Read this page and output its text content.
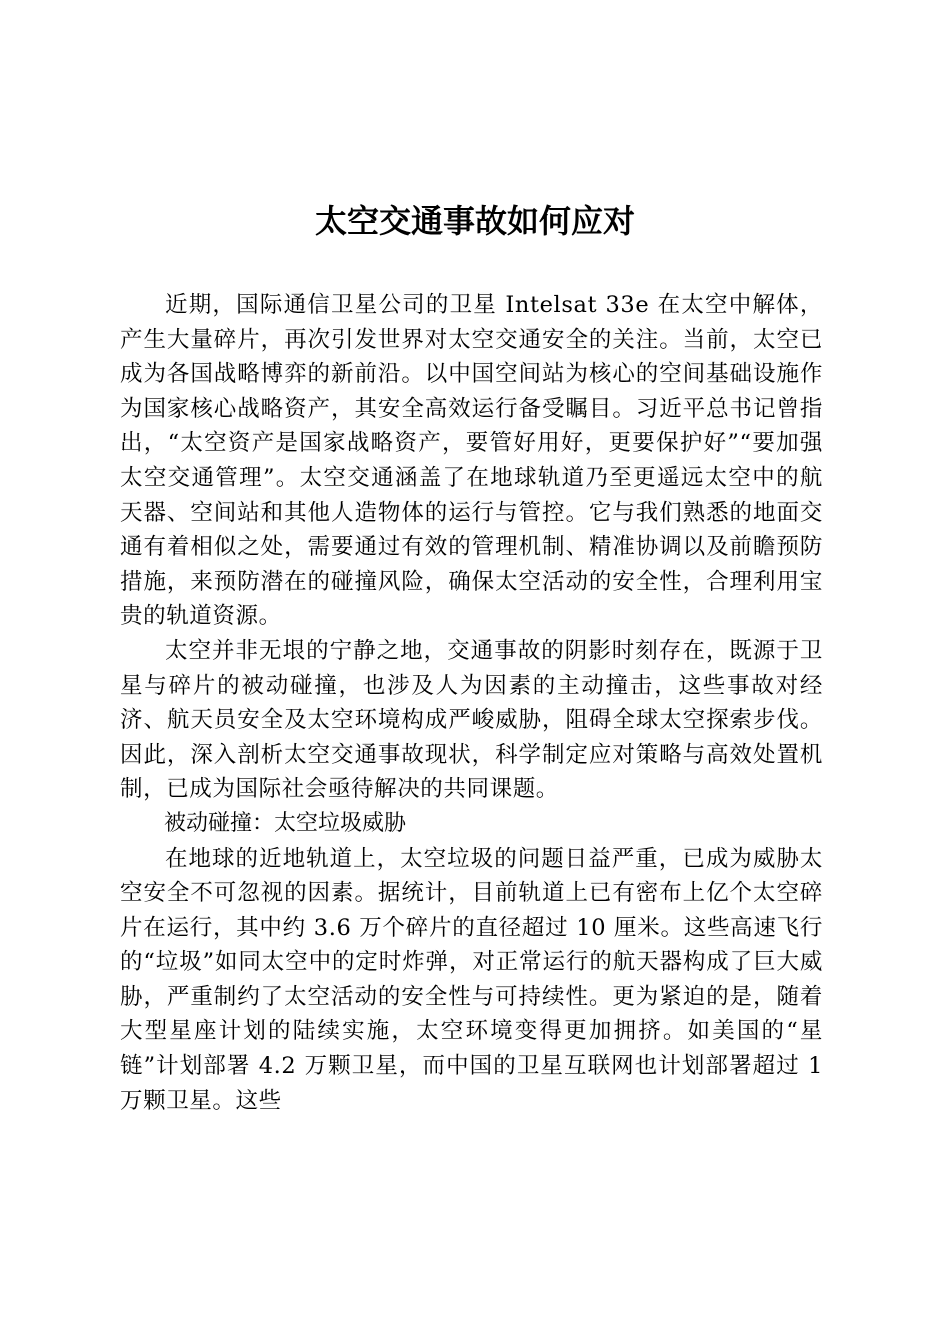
太空交通事故如何应对

近期，国际通信卫星公司的卫星 Intelsat 33e 在太空中解体，产生大量碎片，再次引发世界对太空交通安全的关注。当前，太空已成为各国战略博弈的新前沿。以中国空间站为核心的空间基础设施作为国家核心战略资产，其安全高效运行备受瞩目。习近平总书记曾指出，“太空资产是国家战略资产，要管好用好，更要保护好”“要加强太空交通管理”。太空交通涵盖了在地球轨道乃至更遥远太空中的航天器、空间站和其他人造物体的运行与管控。它与我们熟悉的地面交通有着相似之处，需要通过有效的管理机制、精准协调以及前瞻预防措施，来预防潜在的碰撞风险，确保太空活动的安全性，合理利用宝贵的轨道资源。

太空并非无垠的宁静之地，交通事故的阴影时刻存在，既源于卫星与碎片的被动碰撞，也涉及人为因素的主动撞击，这些事故对经济、航天员安全及太空环境构成严峻威胁，阻碍全球太空探索步伐。因此，深入剖析太空交通事故现状，科学制定应对策略与高效处置机制，已成为国际社会亟待解决的共同课题。

被动碰撞：太空垃圾威胁

在地球的近地轨道上，太空垃圾的问题日益严重，已成为威胁太空安全不可忽视的因素。据统计，目前轨道上已有密布上亿个太空碎片在运行，其中约 3.6 万个碎片的直径超过 10 厘米。这些高速飞行的“垃圾”如同太空中的定时炸弹，对正常运行的航天器构成了巨大威胁，严重制约了太空活动的安全性与可持续性。更为紧迫的是，随着大型星座计划的陆续实施，太空环境变得更加拥挤。如美国的“星链”计划部署 4.2 万颗卫星，而中国的卫星互联网也计划部署超过 1 万颗卫星。这些
